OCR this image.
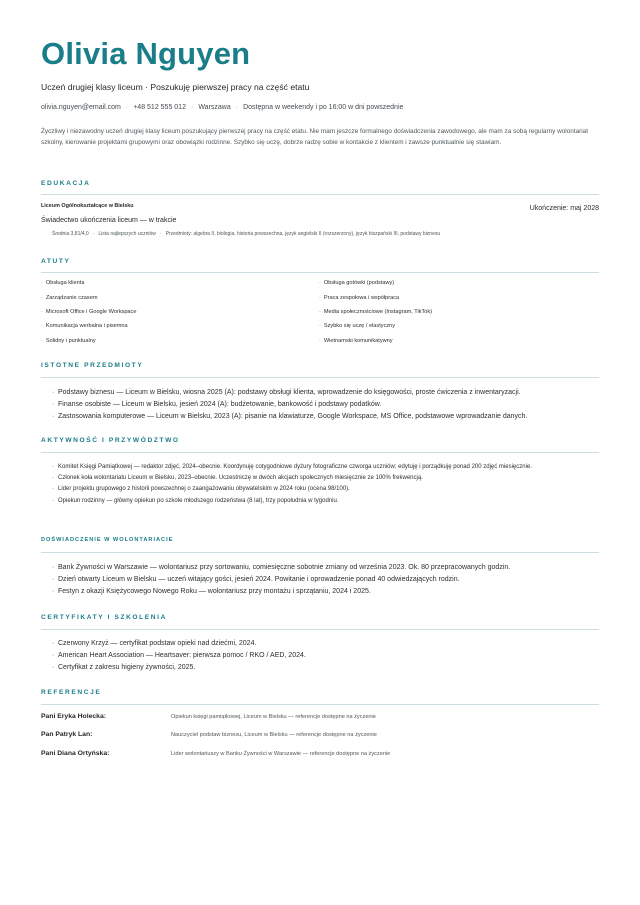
Olivia Nguyen
Uczeń drugiej klasy liceum · Poszukuję pierwszej pracy na część etatu
olivia.nguyen@email.com · +48 512 555 012 · Warszawa · Dostępna w weekendy i po 16:00 w dni powszednie
Życzliwy i niezawodny uczeń drugiej klasy liceum poszukujący pierwszej pracy na część etatu. Nie mam jeszcze formalnego doświadczenia zawodowego, ale mam za sobą regularny wolontariat szkolny, kierowanie projektami grupowymi oraz obowiązki rodzinne. Szybko się uczę, dobrze radzę sobie w kontakcie z klientem i zawsze punktualnie się stawiam.
EDUKACJA
Liceum Ogólnokształcące w Bielsku	Ukończenie: maj 2028
Świadectwo ukończenia liceum — w trakcie
Średnia 3,81/4,0 · Lista najlepszych uczniów · Przedmioty: algebra II, biologia, historia powszechna, język angielski II (rozszerzony), język hiszpański III, podstawy biznesu
ATUTY
· Obsługa klienta
· Zarządzanie czasem
· Microsoft Office i Google Workspace
· Komunikacja werbalna i pisemna
· Solidny i punktualny
· Obsługa gotówki (podstawy)
· Praca zespołowa i współpraca
· Media społecznościowe (Instagram, TikTok)
· Szybko się uczę / elastyczny
· Wietnamski komunikatywny
ISTOTNE PRZEDMIOTY
· Podstawy biznesu — Liceum w Bielsku, wiosna 2025 (A): podstawy obsługi klienta, wprowadzenie do księgowości, proste ćwiczenia z inwentaryzacji.
· Finanse osobiste — Liceum w Bielsku, jesień 2024 (A): budżetowanie, bankowość i podstawy podatków.
· Zastosowania komputerowe — Liceum w Bielsku, 2023 (A): pisanie na klawiaturze, Google Workspace, MS Office, podstawowe wprowadzanie danych.
AKTYWNOŚĆ I PRZYWÓDZTWO
· Komitet Księgi Pamiątkowej — redaktor zdjęć, 2024–obecnie. Koordynuję cotygodniowe dyżury fotograficzne czworga uczniów; edytuję i porządkuję ponad 200 zdjęć miesięcznie.
· Członek koła wolontariatu Liceum w Bielsku, 2023–obecnie. Uczestniczę w dwóch akcjach społecznych miesięcznie ze 100% frekwencją.
· Lider projektu grupowego z historii powszechnej o zaangażowaniu obywatelskim w 2024 roku (ocena 98/100).
· Opiekun rodzinny — główny opiekun po szkole młodszego rodzeństwa (8 lat), trzy popołudnia w tygodniu.
DOŚWIADCZENIE W WOLONTARIACIE
· Bank Żywności w Warszawie — wolontariusz przy sortowaniu, comiesięczne sobotnie zmiany od września 2023. Ok. 80 przepracowanych godzin.
· Dzień otwarty Liceum w Bielsku — uczeń witający gości, jesień 2024. Powitanie i oprowadzenie ponad 40 odwiedzających rodzin.
· Festyn z okazji Księżycowego Nowego Roku — wolontariusz przy montażu i sprzątaniu, 2024 i 2025.
CERTYFIKATY I SZKOLENIA
· Czerwony Krzyż — certyfikat podstaw opieki nad dziećmi, 2024.
· American Heart Association — Heartsaver: pierwsza pomoc / RKO / AED, 2024.
· Certyfikat z zakresu higieny żywności, 2025.
REFERENCJE
Pani Eryka Holecka:	Opiekun księgi pamiątkowej, Liceum w Bielsku — referencje dostępne na życzenie
Pan Patryk Lan:	Nauczyciel podstaw biznesu, Liceum w Bielsku — referencje dostępne na życzenie
Pani Diana Ortyńska:	Lider wolontariuszy w Banku Żywności w Warszawie — referencje dostępne na życzenie
